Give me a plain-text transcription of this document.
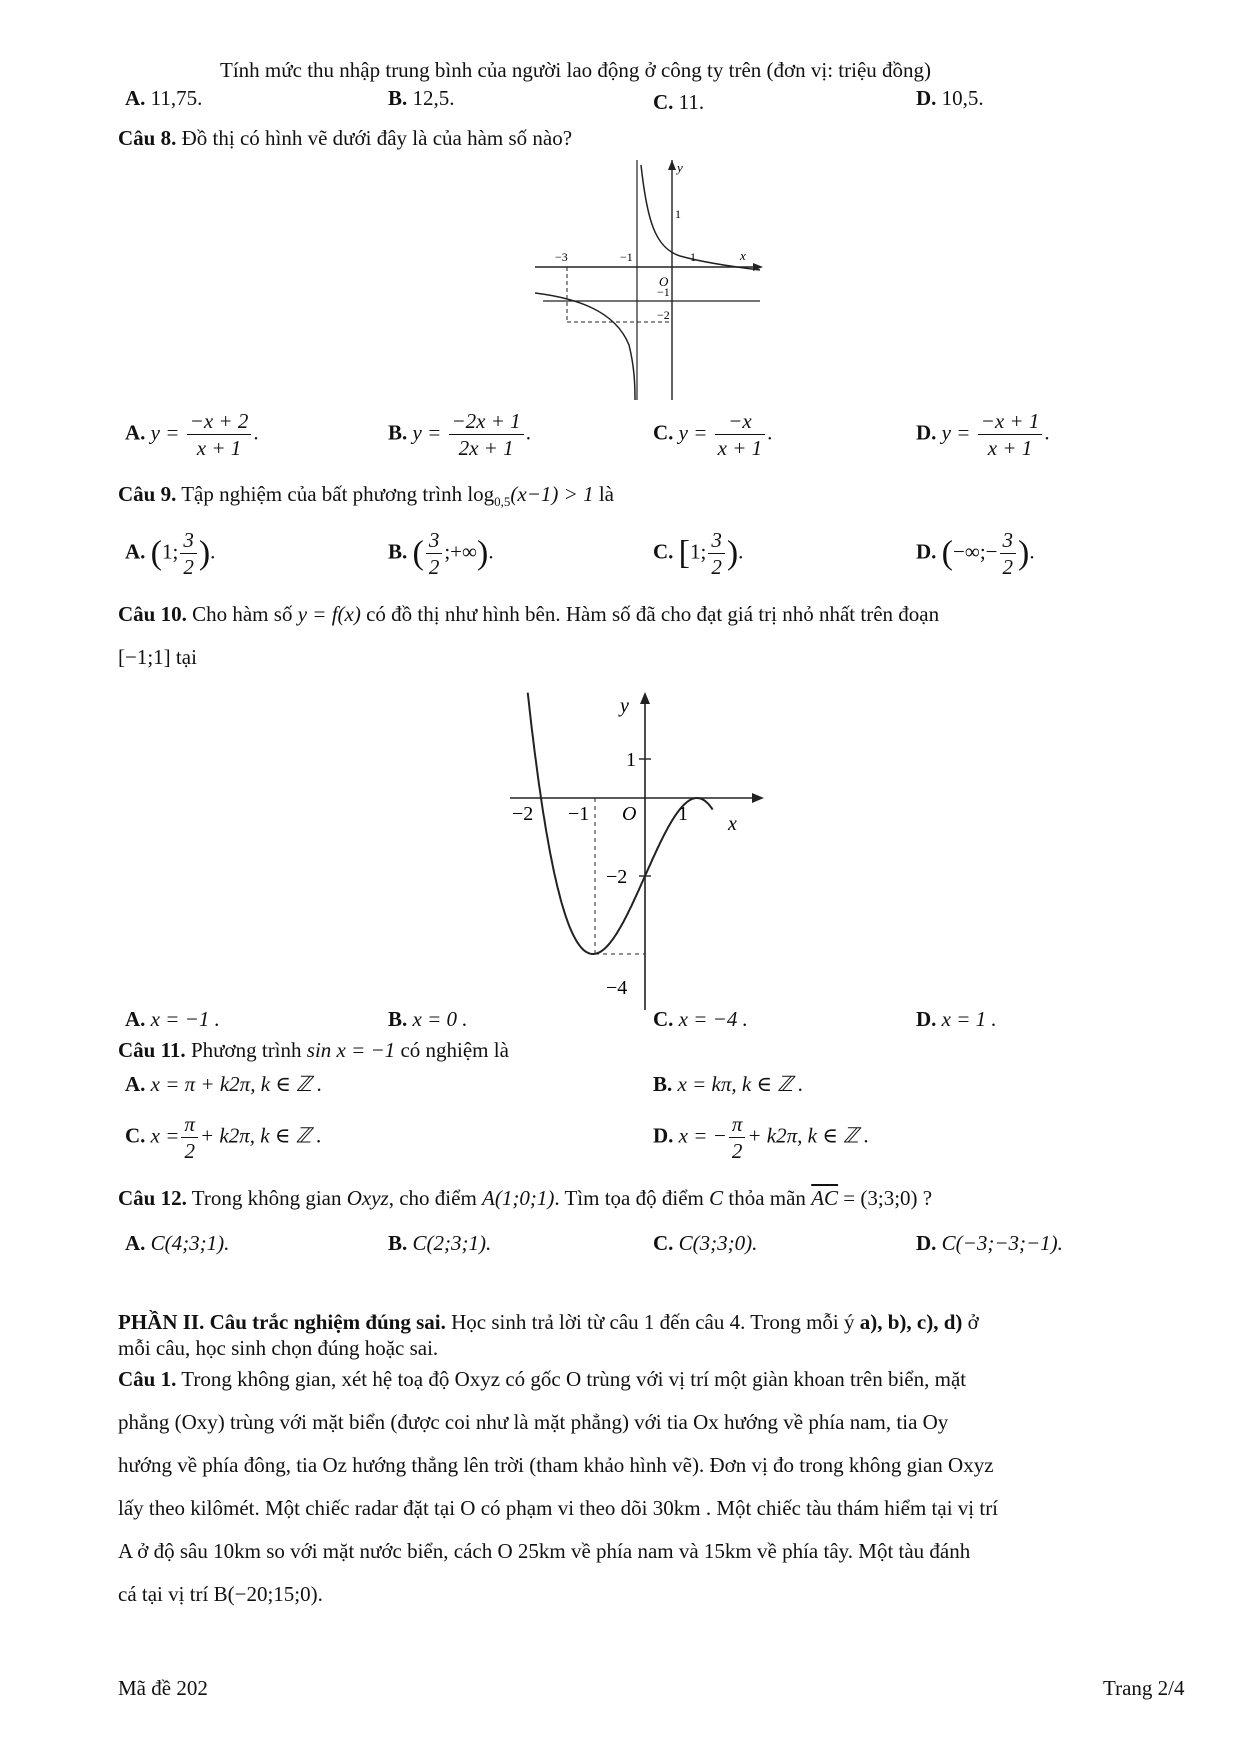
Tính mức thu nhập trung bình của người lao động ở công ty trên (đơn vị: triệu đồng)
A. 11,75.	B. 12,5.	C. 11.	D. 10,5.
Câu 8. Đồ thị có hình vẽ dưới đây là của hàm số nào?
y
x
O
−3	−1	1
1
−1
−2
A. $y = \frac{-x + 2}{x + 1}$ .	B. $y = \frac{-2x + 1}{2x + 1}$ .	C. $y = \frac{-x}{x + 1}$ .	D. $y = \frac{-x + 1}{x + 1}$ .
Câu 9. Tập nghiệm của bất phương trình $\log_{0,5}(x-1) > 1$ là
A. (1; $\frac{3}{2}$ ).	B. ( $\frac{3}{2}$ ;+∞).	C. [1; $\frac{3}{2}$ ).	D. (−∞;− $\frac{3}{2}$ ).
Câu 10. Cho hàm số y = f(x) có đồ thị như hình bên. Hàm số đã cho đạt giá trị nhỏ nhất trên đoạn
[−1;1] tại
y
x
O
1
−2 −1	1
−2
−4
A. x = −1 .	B. x = 0 .	C. x = −4 .	D. x = 1 .
Câu 11. Phương trình sin x = −1 có nghiệm là
A. x = π + k2π, k ∈ ℤ .	B. x = kπ, k ∈ ℤ .
C. $x = \frac{\pi}{2} + k2\pi$, k ∈ ℤ .	D. x = − $\frac{\pi}{2} + k2\pi$, k ∈ ℤ .
Câu 12. Trong không gian Oxyz, cho điểm A(1;0;1). Tìm tọa độ điểm C thỏa mãn $\overline{AC}$ = (3;3;0) ?
A. C(4;3;1).	B. C(2;3;1).	C. C(3;3;0).	D. C(−3;−3;−1).
PHẦN II. Câu trắc nghiệm đúng sai. Học sinh trả lời từ câu 1 đến câu 4. Trong mỗi ý a), b), c), d) ở
mỗi câu, học sinh chọn đúng hoặc sai.
Câu 1. Trong không gian, xét hệ toạ độ Oxyz có gốc O trùng với vị trí một giàn khoan trên biển, mặt
phẳng (Oxy) trùng với mặt biển (được coi như là mặt phẳng) với tia Ox hướng về phía nam, tia Oy
hướng về phía đông, tia Oz hướng thẳng lên trời (tham khảo hình vẽ). Đơn vị đo trong không gian Oxyz
lấy theo kilômét. Một chiếc radar đặt tại O có phạm vi theo dõi 30km . Một chiếc tàu thám hiểm tại vị trí
A ở độ sâu 10km so với mặt nước biển, cách O 25km về phía nam và 15km về phía tây. Một tàu đánh
cá tại vị trí B(−20;15;0).
Mã đề 202	Trang 2/4
